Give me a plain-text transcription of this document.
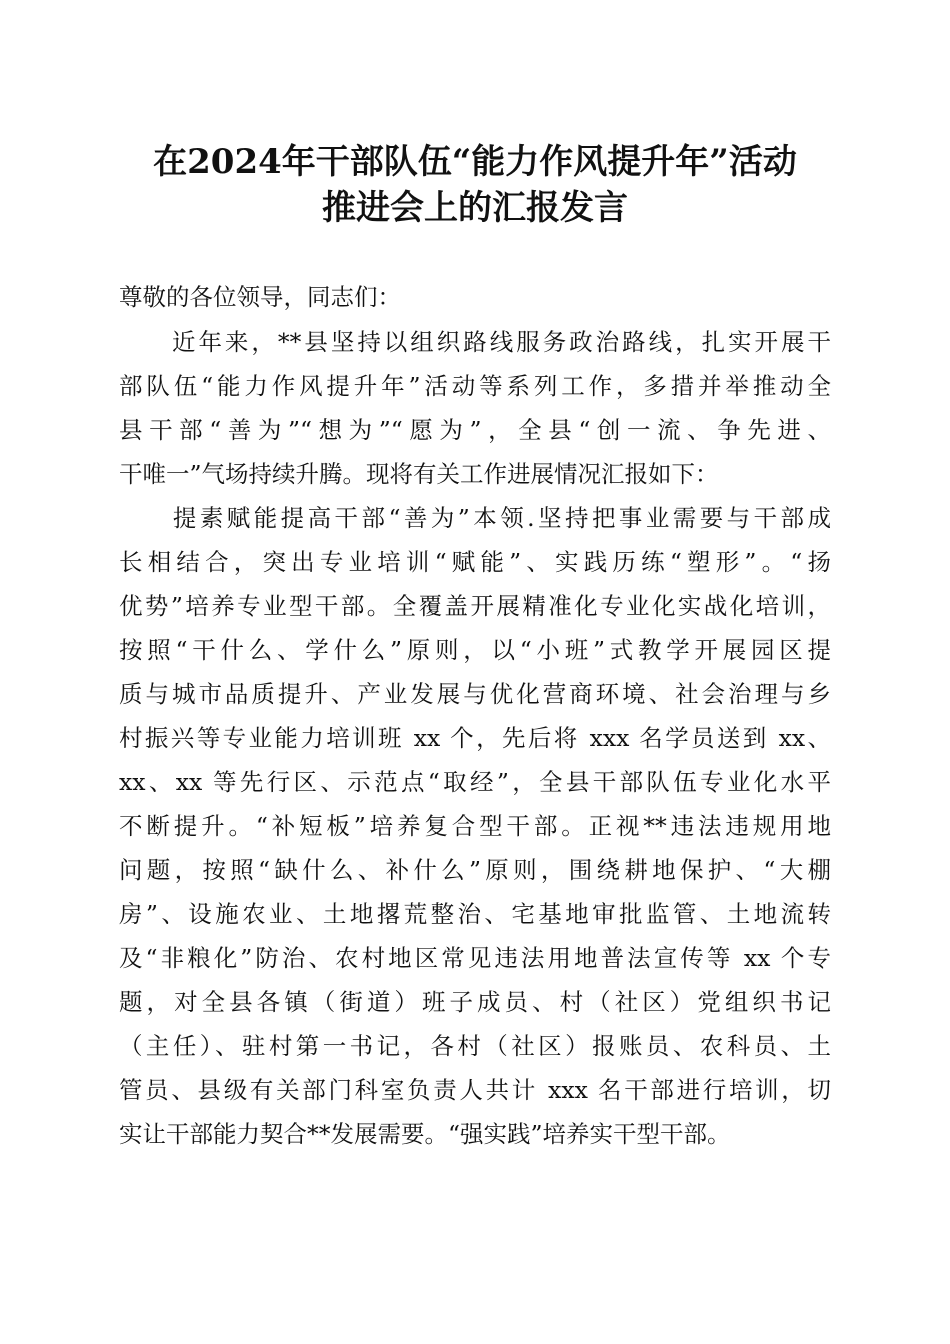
在2024年干部队伍“能力作风提升年”活动
推进会上的汇报发言

尊敬的各位领导，同志们：

　　近年来，**县坚持以组织路线服务政治路线，扎实开展干

部队伍“能力作风提升年”活动等系列工作，多措并举推动全

县干部“善为”“想为”“愿为”，全县“创一流、争先进、

干唯一”气场持续升腾。现将有关工作进展情况汇报如下：

　　提素赋能提高干部“善为”本领.坚持把事业需要与干部成

长相结合，突出专业培训“赋能”、实践历练“塑形”。“扬

优势”培养专业型干部。全覆盖开展精准化专业化实战化培训，

按照“干什么、学什么”原则，以“小班”式教学开展园区提

质与城市品质提升、产业发展与优化营商环境、社会治理与乡

村振兴等专业能力培训班 xx 个，先后将 xxx 名学员送到 xx、

xx、xx 等先行区、示范点“取经”，全县干部队伍专业化水平

不断提升。“补短板”培养复合型干部。正视**违法违规用地

问题，按照“缺什么、补什么”原则，围绕耕地保护、“大棚

房”、设施农业、土地撂荒整治、宅基地审批监管、土地流转

及“非粮化”防治、农村地区常见违法用地普法宣传等 xx 个专

题，对全县各镇（街道）班子成员、村（社区）党组织书记

（主任）、驻村第一书记，各村（社区）报账员、农科员、土

管员、县级有关部门科室负责人共计 xxx 名干部进行培训，切

实让干部能力契合**发展需要。“强实践”培养实干型干部。
